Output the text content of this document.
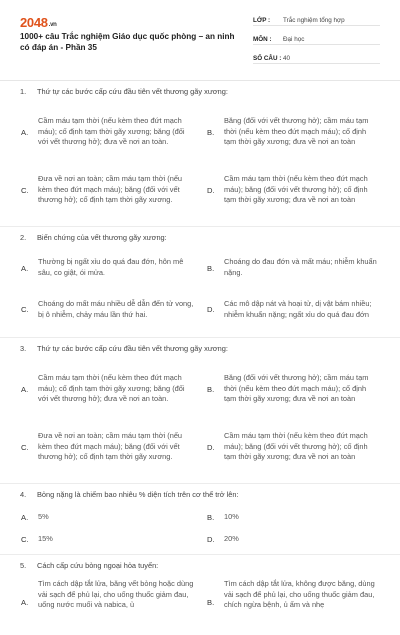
2048.vn
1000+ câu Trắc nghiệm Giáo dục quốc phòng – an ninh có đáp án - Phần 35
LỚP :	Trắc nghiệm tổng hợp
MÔN :	Đại học
SỐ CÂU : 40
1.	Thứ tự các bước cấp cứu đầu tiên vết thương gãy xương:
A.
Cầm máu tạm thời (nếu kèm theo đứt mạch máu); cố định tạm thời gãy xương; băng (đối với vết thương hở); đưa về nơi an toàn.
B.
Băng (đối với vết thương hở); cầm máu tạm thời (nếu kèm theo đứt mạch máu); cố định tạm thời gãy xương; đưa về nơi an toàn
C.
Đưa về nơi an toàn; cầm máu tạm thời (nếu kèm theo đứt mạch máu); băng (đối với vết thương hở); cố định tạm thời gãy xương.
D.
Cầm máu tạm thời (nếu kèm theo đứt mạch máu); băng (đối với vết thương hở); cố định tạm thời gãy xương; đưa về nơi an toàn
2.	Biến chứng của vết thương gãy xương:
A.
Thường bị ngất xỉu do quá đau đớn, hôn mê sâu, co giật, ói mửa.	B.
Choáng do đau đớn và mất máu; nhiễm khuẩn nặng.
C.
Choáng do mất máu nhiều dễ dẫn đến tử vong, bị ô nhiễm, chảy máu lần thứ hai.	D.
Các mô dập nát và hoại tử, dị vật bám nhiều; nhiễm khuẩn nặng; ngất xỉu do quá đau đớn
3.	Thứ tự các bước cấp cứu đầu tiên vết thương gãy xương:
A.
Cầm máu tạm thời (nếu kèm theo đứt mạch máu); cố định tạm thời gãy xương; băng (đối với vết thương hở); đưa về nơi an toàn.
B.
Băng (đối với vết thương hở); cầm máu tạm thời (nếu kèm theo đứt mạch máu); cố định tạm thời gãy xương; đưa về nơi an toàn
C.
Đưa về nơi an toàn; cầm máu tạm thời (nếu kèm theo đứt mạch máu); băng (đối với vết thương hở); cố định tạm thời gãy xương.
D.
Cầm máu tạm thời (nếu kèm theo đứt mạch máu); băng (đối với vết thương hở); cố định tạm thời gãy xương; đưa về nơi an toàn
4.	Bỏng nặng là chiếm bao nhiêu % diện tích trên cơ thể trở lên:
A.	5%	B.	10%
C.	15%	D.	20%
5.	Cách cấp cứu bỏng ngoại hỏa tuyến:
A.
Tìm cách dập tắt lửa, băng vết bỏng hoặc dùng vải sạch để phủ lại, cho uống thuốc giảm đau, uống nước muối và nabica, ủ	B.
Tìm cách dập tắt lửa, không được băng, dùng vải sạch để phủ lại, cho uống thuốc giảm đau, chích ngừa bệnh, ủ ấm và nhẹ
